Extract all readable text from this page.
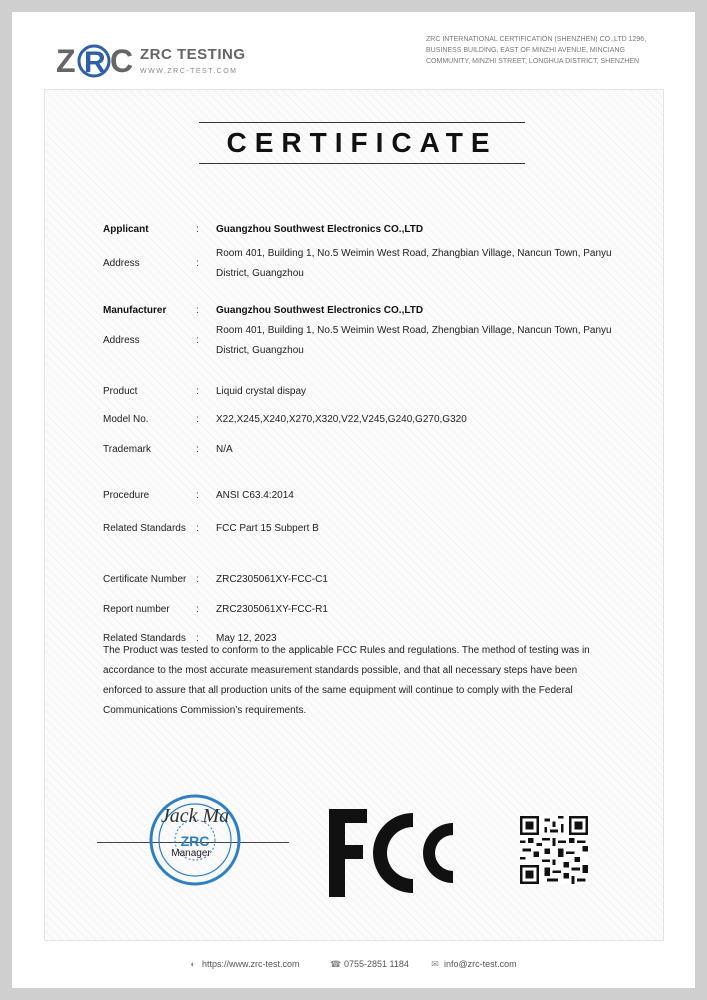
Z R C ZRC TESTING
WWW.ZRC-TEST.COM
ZRC INTERNATIONAL CERTIFICATION (SHENZHEN) CO.,LTD 1296, BUSINESS BUILDING, EAST OF MINZHI AVENUE, MINCIANG COMMUNITY, MINZHI STREET, LONGHUA DISTRICT, SHENZHEN
CERTIFICATE
Applicant	: Guangzhou Southwest Electronics CO.,LTD
Address	:
Room 401, Building 1, No.5 Weimin West Road, Zhangbian Village, Nancun Town, Panyu District, Guangzhou
Manufacturer	: Guangzhou Southwest Electronics CO.,LTD
Address	:
Room 401, Building 1, No.5 Weimin West Road, Zhengbian Village, Nancun Town, Panyu District, Guangzhou
Product	: Liquid crystal dispay
Model No.	: X22,X245,X240,X270,X320,V22,V245,G240,G270,G320
Trademark	: N/A
Procedure	: ANSI C63.4:2014
Related Standards	: FCC Part 15 Subpert B
Certificate Number : ZRC2305061XY-FCC-C1
Report number	: ZRC2305061XY-FCC-R1
Related Standards	: May 12, 2023
The Product was tested to conform to the applicable FCC Rules and regulations. The method of testing was in accordance to the most accurate measurement standards possible, and that all necessary steps have been enforced to assure that all production units of the same equipment will continue to comply with the Federal Communications Commission’s requirements.
ZRC
Jack Ma
Manager
FCC
◐ https://www.zrc-test.com	☎ 0755-2851 1184 ✉ info@zrc-test.com
